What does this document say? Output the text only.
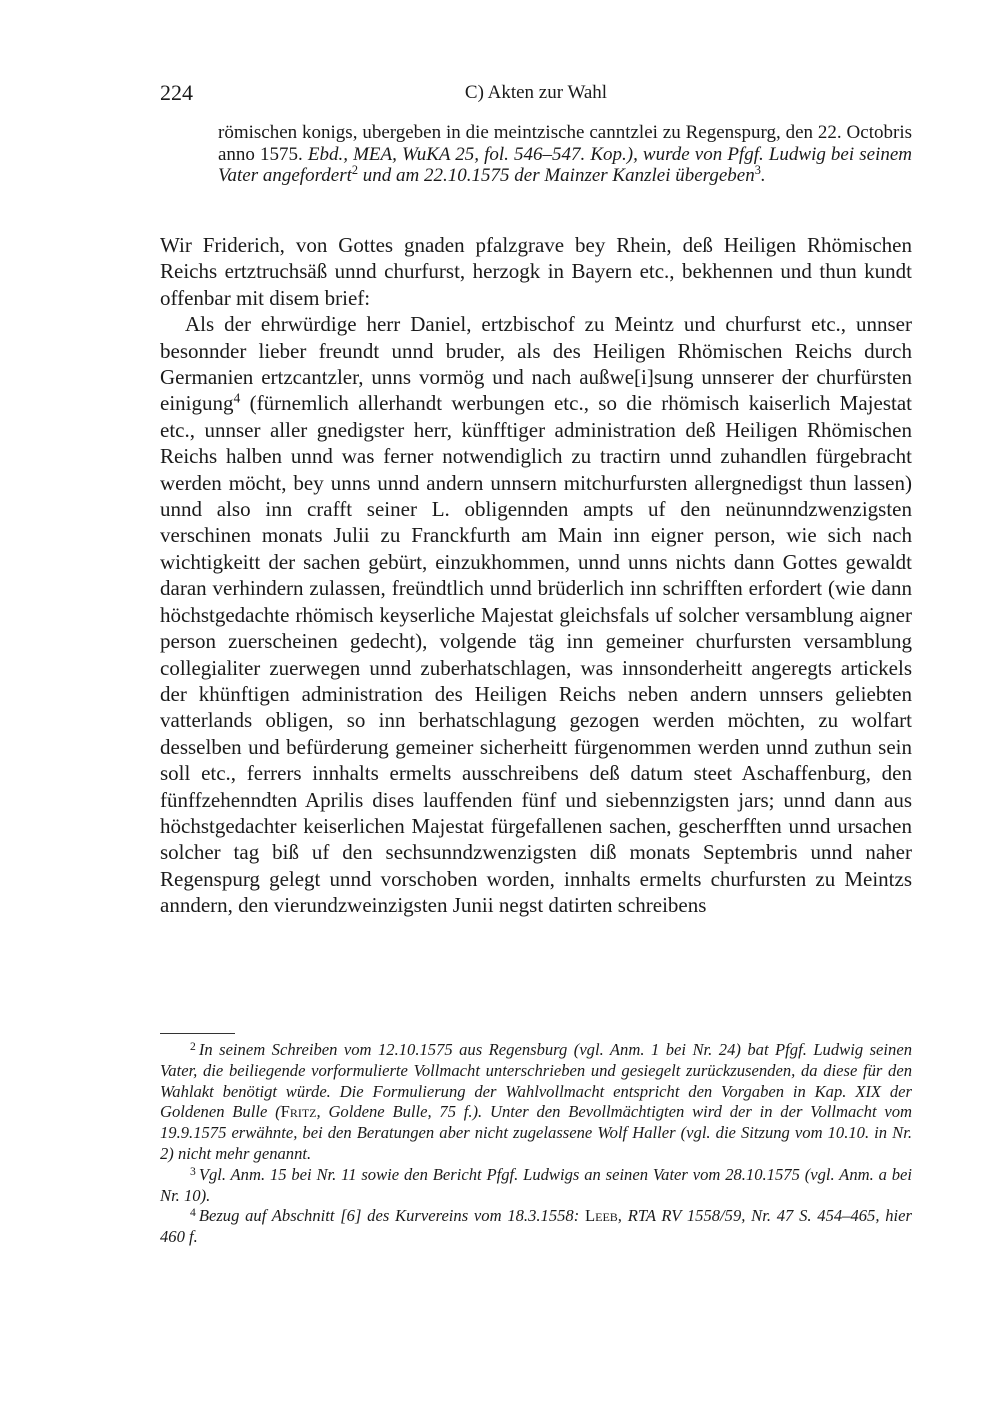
224	C) Akten zur Wahl

römischen konigs, ubergeben in die meintzische canntzlei zu Regenspurg, den 22. Octobris anno 1575. Ebd., MEA, WuKA 25, fol. 546–547. Kop.), wurde von Pfgf. Ludwig bei seinem Vater angefordert$^2$ und am 22.10.1575 der Mainzer Kanzlei übergeben$^3$.

Wir Friderich, von Gottes gnaden pfalzgrave bey Rhein, deß Heiligen Rhömischen Reichs ertztruchsäß unnd churfurst, herzogk in Bayern etc., bekhennen und thun kundt offenbar mit disem brief:

Als der ehrwürdige herr Daniel, ertzbischof zu Meintz und churfurst etc., unnser besonnder lieber freundt unnd bruder, als des Heiligen Rhömischen Reichs durch Germanien ertzcantzler, unns vormög und nach außwe[i]sung unnserer der churfürsten einigung$^4$ (fürnemlich allerhandt werbungen etc., so die rhömisch kaiserlich Majestat etc., unnser aller gnedigster herr, künfftiger administration deß Heiligen Rhömischen Reichs halben unnd was ferner notwendiglich zu tractirn unnd zuhandlen fürgebracht werden möcht, bey unns unnd andern unnsern mitchurfursten allergnedigst thun lassen) unnd also inn crafft seiner L. obligennden ampts uf den neünunndzwenzigsten verschinen monats Julii zu Franckfurth am Main inn eigner person, wie sich nach wichtigkeitt der sachen gebürt, einzukhommen, unnd unns nichts dann Gottes gewaldt daran verhindern zulassen, freündtlich unnd brüderlich inn schrifften erfordert (wie dann höchstgedachte rhömisch keyserliche Majestat gleichsfals uf solcher versamblung aigner person zuerscheinen gedecht), volgende täg inn gemeiner churfursten versamblung collegialiter zuerwegen unnd zuberhatschlagen, was innsonderheitt angeregts artickels der khünftigen administration des Heiligen Reichs neben andern unnsers geliebten vatterlands obligen, so inn berhatschlagung gezogen werden möchten, zu wolfart desselben und befürderung gemeiner sicherheitt fürgenommen werden unnd zuthun sein soll etc., ferrers innhalts ermelts ausschreibens deß datum steet Aschaffenburg, den fünffzehenndten Aprilis dises lauffenden fünf und siebennzigsten jars; unnd dann aus höchstgedachter keiserlichen Majestat fürgefallenen sachen, gescherfften unnd ursachen solcher tag biß uf den sechsunndzwenzigsten diß monats Septembris unnd naher Regenspurg gelegt unnd vorschoben worden, innhalts ermelts churfursten zu Meintzs anndern, den vierundzweinzigsten Junii negst datirten schreibens

$^2$ In seinem Schreiben vom 12.10.1575 aus Regensburg (vgl. Anm. 1 bei Nr. 24) bat Pfgf. Ludwig seinen Vater, die beiliegende vorformulierte Vollmacht unterschrieben und gesiegelt zurückzusenden, da diese für den Wahlakt benötigt würde. Die Formulierung der Wahlvollmacht entspricht den Vorgaben in Kap. XIX der Goldenen Bulle (Fritz, Goldene Bulle, 75 f.). Unter den Bevollmächtigten wird der in der Vollmacht vom 19.9.1575 erwähnte, bei den Beratungen aber nicht zugelassene Wolf Haller (vgl. die Sitzung vom 10.10. in Nr. 2) nicht mehr genannt.

$^3$ Vgl. Anm. 15 bei Nr. 11 sowie den Bericht Pfgf. Ludwigs an seinen Vater vom 28.10.1575 (vgl. Anm. a bei Nr. 10).

$^4$ Bezug auf Abschnitt [6] des Kurvereins vom 18.3.1558: Leeb, RTA RV 1558/59, Nr. 47 S. 454–465, hier 460 f.
